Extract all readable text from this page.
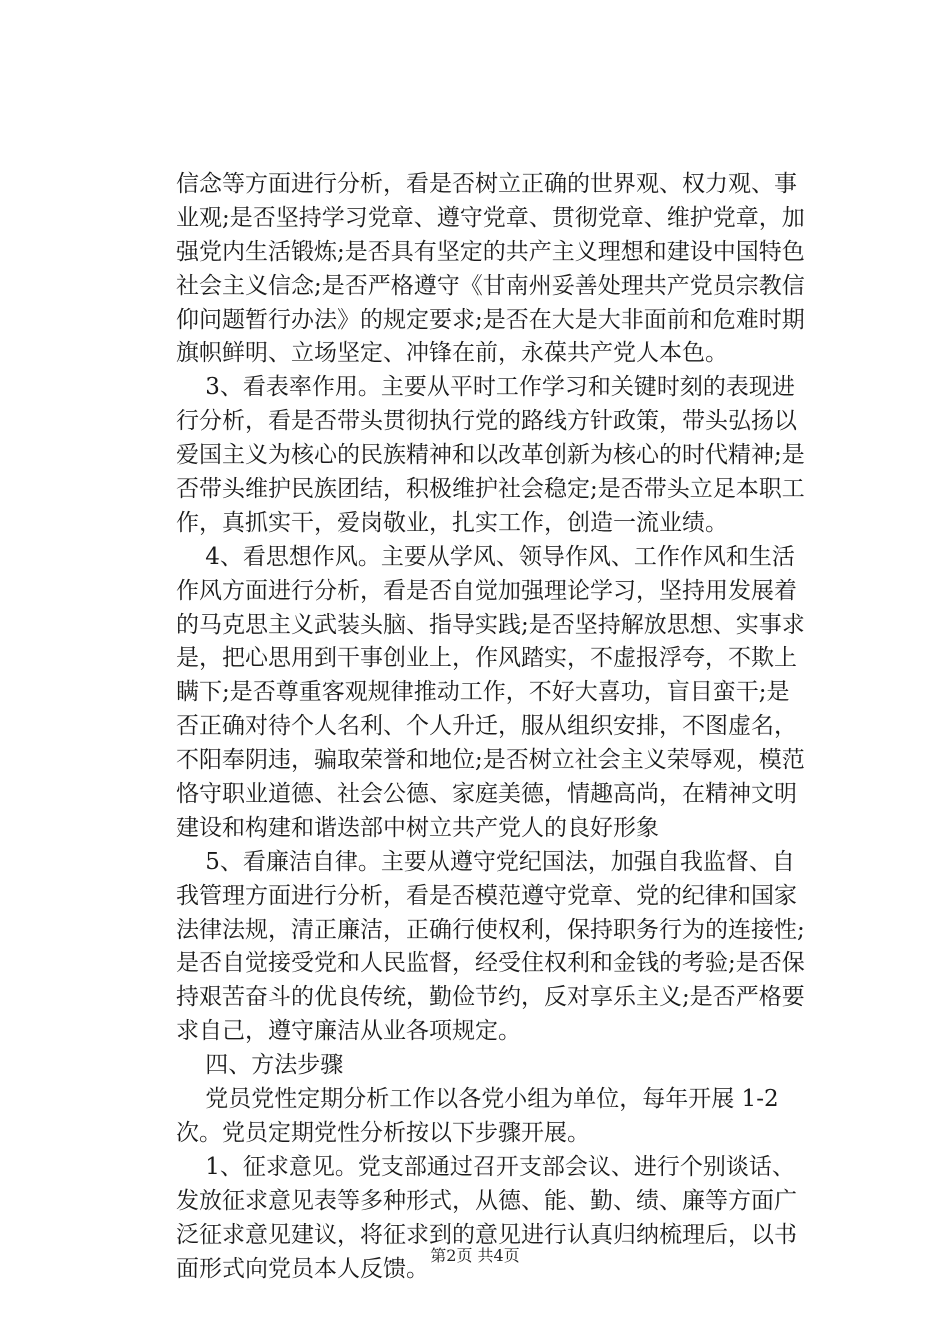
信念等方面进行分析，看是否树立正确的世界观、权力观、事
业观;是否坚持学习党章、遵守党章、贯彻党章、维护党章，加
强党内生活锻炼;是否具有坚定的共产主义理想和建设中国特色
社会主义信念;是否严格遵守《甘南州妥善处理共产党员宗教信
仰问题暂行办法》的规定要求;是否在大是大非面前和危难时期
旗帜鲜明、立场坚定、冲锋在前，永葆共产党人本色。
3、看表率作用。主要从平时工作学习和关键时刻的表现进
行分析，看是否带头贯彻执行党的路线方针政策，带头弘扬以
爱国主义为核心的民族精神和以改革创新为核心的时代精神;是
否带头维护民族团结，积极维护社会稳定;是否带头立足本职工
作，真抓实干，爱岗敬业，扎实工作，创造一流业绩。
4、看思想作风。主要从学风、领导作风、工作作风和生活
作风方面进行分析，看是否自觉加强理论学习，坚持用发展着
的马克思主义武装头脑、指导实践;是否坚持解放思想、实事求
是，把心思用到干事创业上，作风踏实，不虚报浮夸，不欺上
瞒下;是否尊重客观规律推动工作，不好大喜功，盲目蛮干;是
否正确对待个人名利、个人升迁，服从组织安排，不图虚名，
不阳奉阴违，骗取荣誉和地位;是否树立社会主义荣辱观，模范
恪守职业道德、社会公德、家庭美德，情趣高尚，在精神文明
建设和构建和谐迭部中树立共产党人的良好形象
5、看廉洁自律。主要从遵守党纪国法，加强自我监督、自
我管理方面进行分析，看是否模范遵守党章、党的纪律和国家
法律法规，清正廉洁，正确行使权利，保持职务行为的连接性;
是否自觉接受党和人民监督，经受住权利和金钱的考验;是否保
持艰苦奋斗的优良传统，勤俭节约，反对享乐主义;是否严格要
求自己，遵守廉洁从业各项规定。
四、方法步骤
党员党性定期分析工作以各党小组为单位，每年开展 1-2
次。党员定期党性分析按以下步骤开展。
1、征求意见。党支部通过召开支部会议、进行个别谈话、
发放征求意见表等多种形式，从德、能、勤、绩、廉等方面广
泛征求意见建议，将征求到的意见进行认真归纳梳理后，以书
面形式向党员本人反馈。 第2页 共4页
